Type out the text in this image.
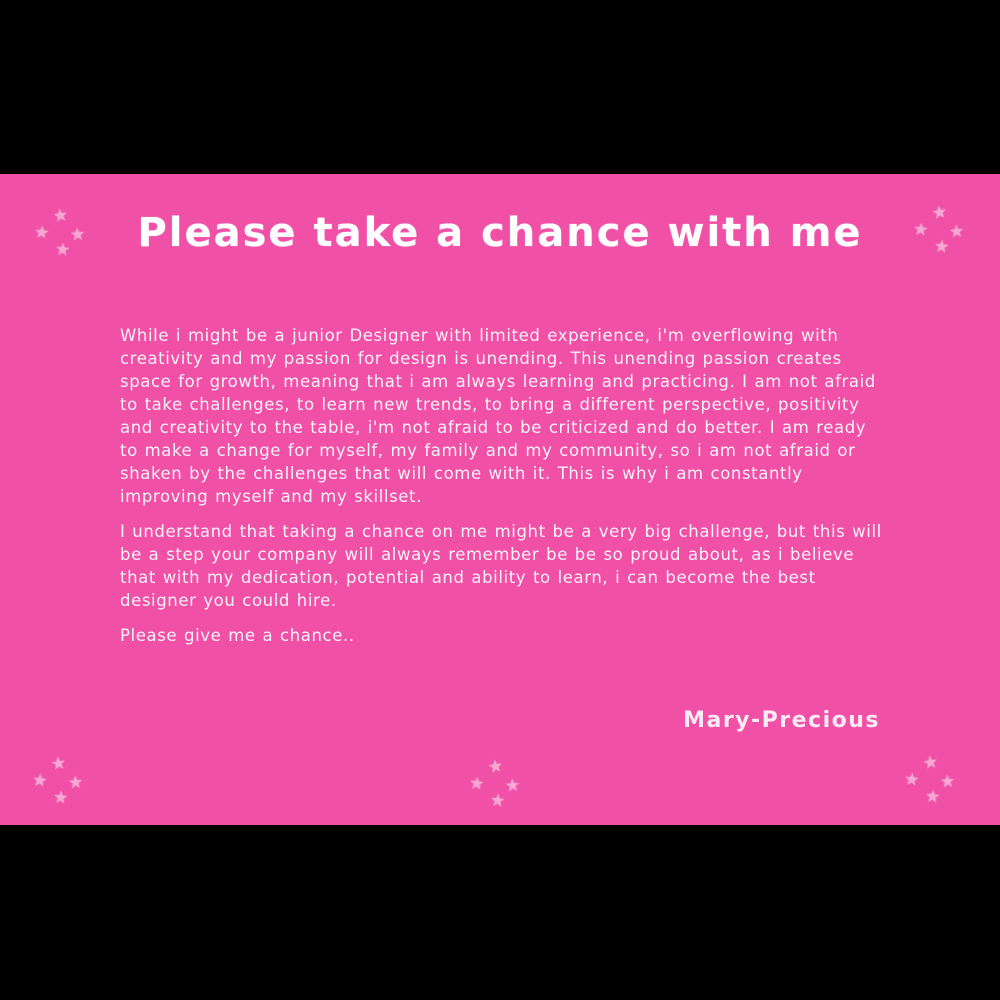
Please take a chance with me
★
★ ★
★
★
★ ★
★
★
★ ★
★
★
★ ★
★
★
★ ★
★

While i might be a junior Designer with limited experience, i'm overflowing with creativity and my passion for design is unending. This unending passion creates space for growth, meaning that i am always learning and practicing. I am not afraid to take challenges, to learn new trends, to bring a different perspective, positivity and creativity to the table, i'm not afraid to be criticized and do better. I am ready to make a change for myself, my family and my community, so i am not afraid or shaken by the challenges that will come with it. This is why i am constantly improving myself and my skillset.

I understand that taking a chance on me might be a very big challenge, but this will be a step your company will always remember be be so proud about, as i believe that with my dedication, potential and ability to learn, i can become the best designer you could hire.

Please give me a chance..

Mary-Precious
